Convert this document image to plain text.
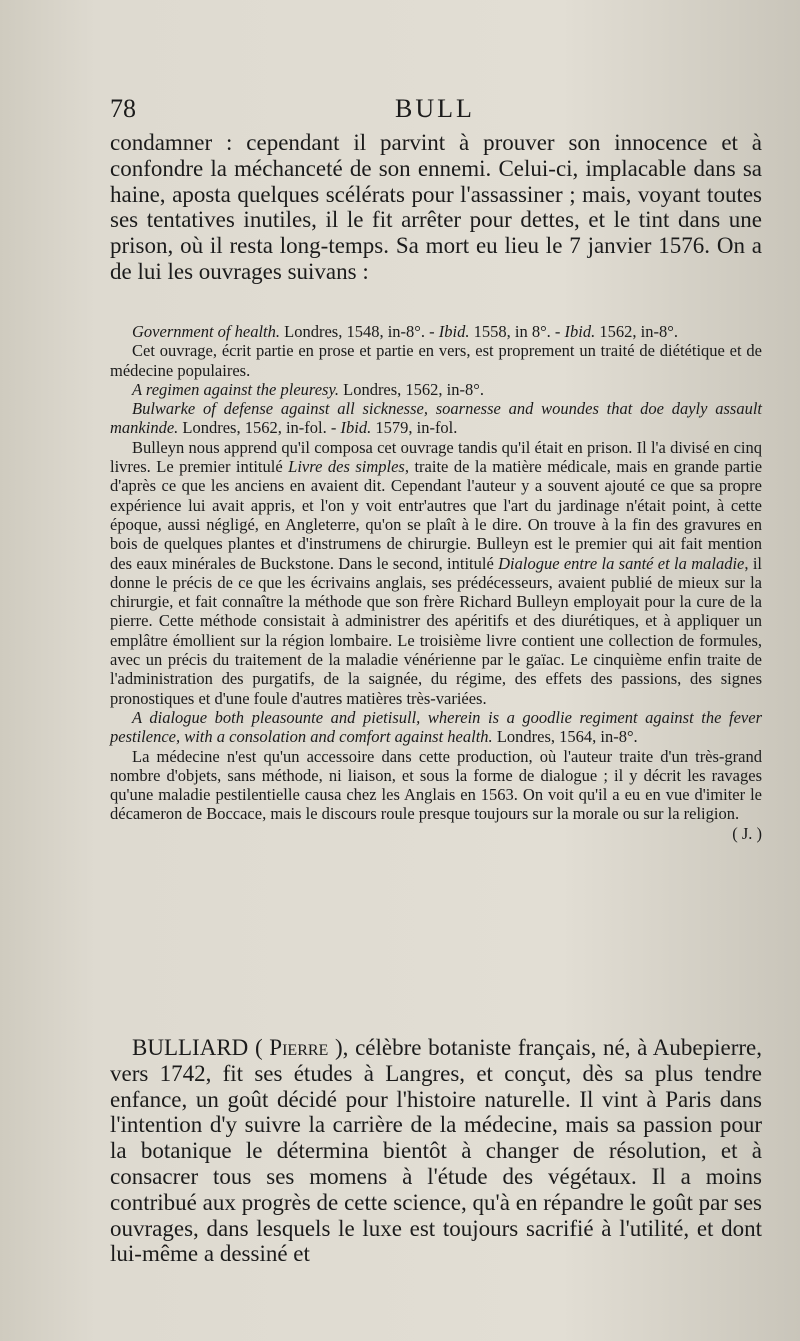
78	BULL

condamner : cependant il parvint à prouver son innocence et à confondre la méchanceté de son ennemi. Celui-ci, implacable dans sa haine, aposta quelques scélérats pour l'assassiner ; mais, voyant toutes ses tentatives inutiles, il le fit arrêter pour dettes, et le tint dans une prison, où il resta long-temps. Sa mort eu lieu le 7 janvier 1576. On a de lui les ouvrages suivans :

Government of health. Londres, 1548, in-8°. - Ibid. 1558, in 8°. - Ibid. 1562, in-8°.

Cet ouvrage, écrit partie en prose et partie en vers, est proprement un traité de diététique et de médecine populaires.

A regimen against the pleuresy. Londres, 1562, in-8°.

Bulwarke of defense against all sicknesse, soarnesse and woundes that doe dayly assault mankinde. Londres, 1562, in-fol. - Ibid. 1579, in-fol.

Bulleyn nous apprend qu'il composa cet ouvrage tandis qu'il était en prison. Il l'a divisé en cinq livres. Le premier intitulé Livre des simples, traite de la matière médicale, mais en grande partie d'après ce que les anciens en avaient dit. Cependant l'auteur y a souvent ajouté ce que sa propre expérience lui avait appris, et l'on y voit entr'autres que l'art du jardinage n'était point, à cette époque, aussi négligé, en Angleterre, qu'on se plaît à le dire. On trouve à la fin des gravures en bois de quelques plantes et d'instrumens de chirurgie. Bulleyn est le premier qui ait fait mention des eaux minérales de Buckstone. Dans le second, intitulé Dialogue entre la santé et la maladie, il donne le précis de ce que les écrivains anglais, ses prédécesseurs, avaient publié de mieux sur la chirurgie, et fait connaître la méthode que son frère Richard Bulleyn employait pour la cure de la pierre. Cette méthode consistait à administrer des apéritifs et des diurétiques, et à appliquer un emplâtre émollient sur la région lombaire. Le troisième livre contient une collection de formules, avec un précis du traitement de la maladie vénérienne par le gaïac. Le cinquième enfin traite de l'administration des purgatifs, de la saignée, du régime, des effets des passions, des signes pronostiques et d'une foule d'autres matières très-variées.

A dialogue both pleasounte and pietisull, wherein is a goodlie regiment against the fever pestilence, with a consolation and comfort against health. Londres, 1564, in-8°.

La médecine n'est qu'un accessoire dans cette production, où l'auteur traite d'un très-grand nombre d'objets, sans méthode, ni liaison, et sous la forme de dialogue ; il y décrit les ravages qu'une maladie pestilentielle causa chez les Anglais en 1563. On voit qu'il a eu en vue d'imiter le décameron de Boccace, mais le discours roule presque toujours sur la morale ou sur la religion.
( J. )

BULLIARD ( Pierre ), célèbre botaniste français, né, à Aubepierre, vers 1742, fit ses études à Langres, et conçut, dès sa plus tendre enfance, un goût décidé pour l'histoire naturelle. Il vint à Paris dans l'intention d'y suivre la carrière de la médecine, mais sa passion pour la botanique le détermina bientôt à changer de résolution, et à consacrer tous ses momens à l'étude des végétaux. Il a moins contribué aux progrès de cette science, qu'à en répandre le goût par ses ouvrages, dans lesquels le luxe est toujours sacrifié à l'utilité, et dont lui-même a dessiné et
